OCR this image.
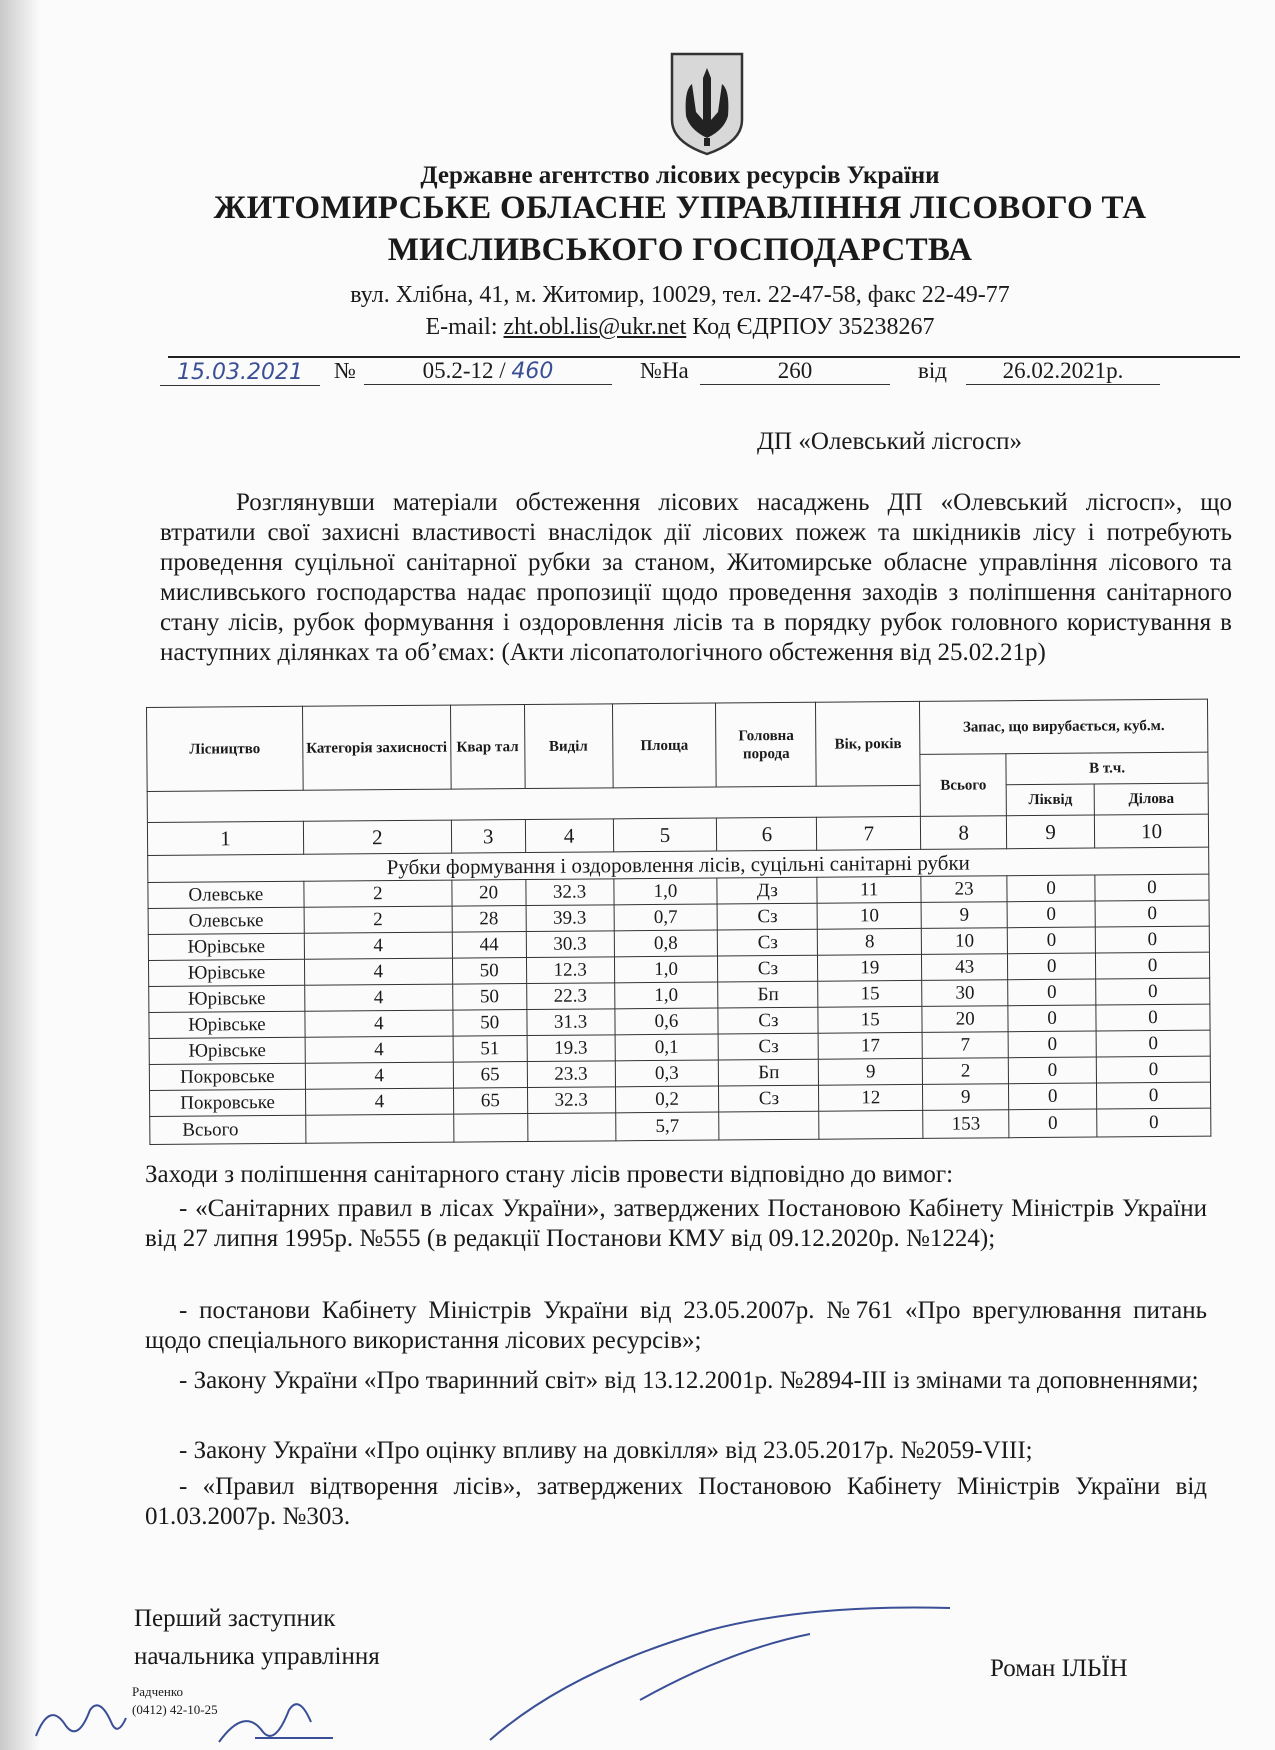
Державне агентство лісових ресурсів України
ЖИТОМИРСЬКЕ ОБЛАСНЕ УПРАВЛІННЯ ЛІСОВОГО ТА
МИСЛИВСЬКОГО ГОСПОДАРСТВА
вул. Хлібна, 41, м. Житомир, 10029, тел. 22-47-58, факс 22-49-77
E-mail: zht.obl.lis@ukr.net Код ЄДРПОУ 35238267
15.03.2021	№	05.2-12 / 460	№На	260	від	26.02.2021р.
ДП «Олевський лісгосп»
Розглянувши матеріали обстеження лісових насаджень ДП «Олевський лісгосп», що втратили свої захисні властивості внаслідок дії лісових пожеж та шкідників лісу і потребують проведення суцільної санітарної рубки за станом, Житомирське обласне управління лісового та мисливського господарства надає пропозиції щодо проведення заходів з поліпшення санітарного стану лісів, рубок формування і оздоровлення лісів та в порядку рубок головного користування в наступних ділянках та об’ємах: (Акти лісопатологічного обстеження від 25.02.21р)
Лісництво	Категорія захисності	Квар тал	Виділ	Площа	Головна порода	Вік, років	Запас, що вирубається, куб.м.		
							Всього	В т.ч.	
								Ліквід	Ділова
1	2	3	4	5	6	7	8	9	10
Рубки формування і оздоровлення лісів, суцільні санітарні рубки									
Олевське	2	20	32.3	1,0	Дз	11	23	0	0
Олевське	2	28	39.3	0,7	Сз	10	9	0	0
Юрівське	4	44	30.3	0,8	Сз	8	10	0	0
Юрівське	4	50	12.3	1,0	Сз	19	43	0	0
Юрівське	4	50	22.3	1,0	Бп	15	30	0	0
Юрівське	4	50	31.3	0,6	Сз	15	20	0	0
Юрівське	4	51	19.3	0,1	Сз	17	7	0	0
Покровське	4	65	23.3	0,3	Бп	9	2	0	0
Покровське	4	65	32.3	0,2	Сз	12	9	0	0
Всього				5,7			153	0	0
Заходи з поліпшення санітарного стану лісів провести відповідно до вимог:
- «Санітарних правил в лісах України», затверджених Постановою Кабінету Міністрів України від 27 липня 1995р. №555 (в редакції Постанови КМУ від 09.12.2020р. №1224);
- постанови Кабінету Міністрів України від 23.05.2007р. №761 «Про врегулювання питань щодо спеціального використання лісових ресурсів»;
- Закону України «Про тваринний світ» від 13.12.2001р. №2894-ІІІ із змінами та доповненнями;
- Закону України «Про оцінку впливу на довкілля» від 23.05.2017р. №2059-VIII;
- «Правил відтворення лісів», затверджених Постановою Кабінету Міністрів України від 01.03.2007р. №303.
Перший заступник
начальника управління	Роман ІЛЬЇН
Радченко
(0412) 42-10-25
